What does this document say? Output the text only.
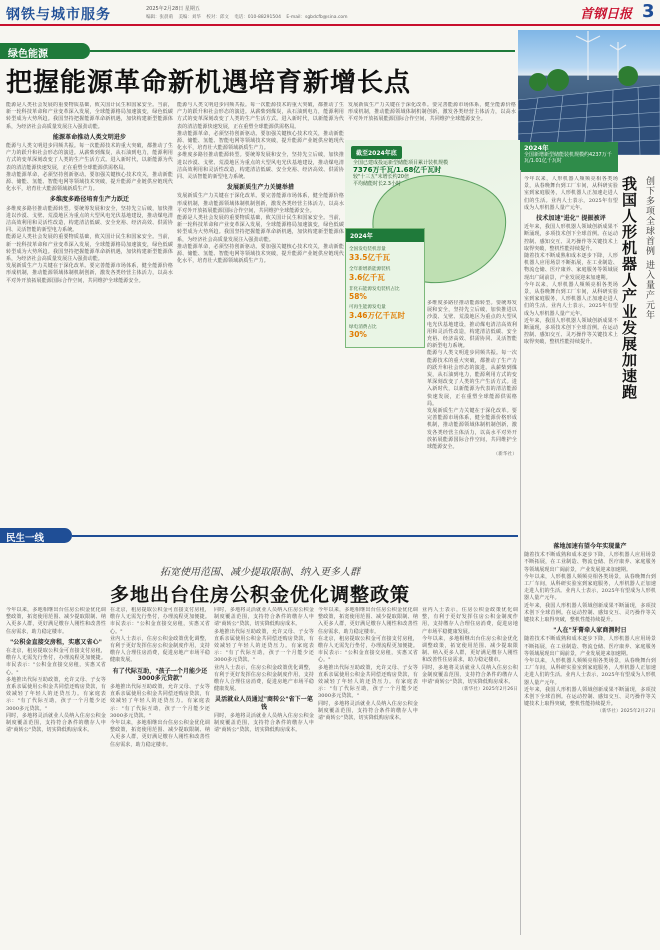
钢铁与城市服务	2025年2月28日 星期五
编辑：张晨萌 美编：刘华 校对：邱文 电话：010-88291504 E-mail：sgbdcfb@sina.com	首钢日报 3
绿色能源
把握能源革命新机遇培育新增长点

能源是人类社会发展的重要物质基础，攸关国计民生和国家安全。当前，新一轮科技革命和产业变革深入发展，全球能源格局加速演变，绿色低碳转型成为大势所趋。我国坚持把握能源革命新机遇，加快构建新型能源体系，为经济社会高质量发展注入强劲动能。

能源革命推动人类文明进步

能源与人类文明进步同频共振。每一次能源技术的重大突破，都推动了生产力的跃升和社会形态的演进。从薪柴到煤炭，从石油到电力，能源利用方式的变革深刻改变了人类的生产生活方式。进入新时代，以新能源为代表的清洁能源快速发展，正在重塑全球能源供需格局。

推动能源革命，必须坚持创新驱动。要加强关键核心技术攻关，推动新能源、储能、氢能、智能电网等领域技术突破，提升能源产业链供应链现代化水平，培育壮大能源领域新质生产力。

多维度多路径培育生产力跃迁

多维度多路径推动能源转型。要统筹发展和安全，坚持先立后破，加快推进以沙漠、戈壁、荒漠地区为重点的大型风电光伏基地建设，推动煤电清洁高效利用和灵活性改造，构建清洁低碳、安全充裕、经济高效、供需协同、灵活智能的新型电力系统。

能源是人类社会发展的重要物质基础，攸关国计民生和国家安全。当前，新一轮科技革命和产业变革深入发展，全球能源格局加速演变，绿色低碳转型成为大势所趋。我国坚持把握能源革命新机遇，加快构建新型能源体系，为经济社会高质量发展注入强劲动能。

发展新质生产力关键在于深化改革。要完善能源市场体系，健全能源价格形成机制，推动能源领域体制机制创新，激发各类经营主体活力，以高水平对外开放拓展能源国际合作空间，共同维护全球能源安全。

能源与人类文明进步同频共振。每一次能源技术的重大突破，都推动了生产力的跃升和社会形态的演进。从薪柴到煤炭，从石油到电力，能源利用方式的变革深刻改变了人类的生产生活方式。进入新时代，以新能源为代表的清洁能源快速发展，正在重塑全球能源供需格局。

推动能源革命，必须坚持创新驱动。要加强关键核心技术攻关，推动新能源、储能、氢能、智能电网等领域技术突破，提升能源产业链供应链现代化水平，培育壮大能源领域新质生产力。

多维度多路径推动能源转型。要统筹发展和安全，坚持先立后破，加快推进以沙漠、戈壁、荒漠地区为重点的大型风电光伏基地建设，推动煤电清洁高效利用和灵活性改造，构建清洁低碳、安全充裕、经济高效、供需协同、灵活智能的新型电力系统。

发展新质生产力关键举措

发展新质生产力关键在于深化改革。要完善能源市场体系，健全能源价格形成机制，推动能源领域体制机制创新，激发各类经营主体活力，以高水平对外开放拓展能源国际合作空间，共同维护全球能源安全。

能源是人类社会发展的重要物质基础，攸关国计民生和国家安全。当前，新一轮科技革命和产业变革深入发展，全球能源格局加速演变，绿色低碳转型成为大势所趋。我国坚持把握能源革命新机遇，加快构建新型能源体系，为经济社会高质量发展注入强劲动能。

推动能源革命，必须坚持创新驱动。要加强关键核心技术攻关，推动新能源、储能、氢能、智能电网等领域技术突破，提升能源产业链供应链现代化水平，培育壮大能源领域新质生产力。

发展新质生产力关键在于深化改革。要完善能源市场体系，健全能源价格形成机制，推动能源领域体制机制创新，激发各类经营主体活力，以高水平对外开放拓展能源国际合作空间，共同维护全球能源安全。

多维度多路径推动能源转型。要统筹发展和安全，坚持先立后破，加快推进以沙漠、戈壁、荒漠地区为重点的大型风电光伏基地建设，推动煤电清洁高效利用和灵活性改造，构建清洁低碳、安全充裕、经济高效、供需协同、灵活智能的新型电力系统。

能源与人类文明进步同频共振。每一次能源技术的重大突破，都推动了生产力的跃升和社会形态的演进。从薪柴到煤炭，从石油到电力，能源利用方式的变革深刻改变了人类的生产生活方式。进入新时代，以新能源为代表的清洁能源快速发展，正在重塑全球能源供需格局。

发展新质生产力关键在于深化改革。要完善能源市场体系，健全能源价格形成机制，推动能源领域体制机制创新，激发各类经营主体活力，以高水平对外开放拓展能源国际合作空间，共同维护全球能源安全。

（新华社）
截至2024年底
全国已建成投运新型储能项目累计装机规模
7376万千瓦/1.68亿千瓦时
较"十三五"末增长约20倍
平均储能时长2.3小时
2024年
全国新增新型储能装机规模约4237万千瓦/1.01亿千瓦时
2024年
全国发电装机容量
33.5亿千瓦
全年新增新能源装机
3.6亿千瓦
非化石能源发电装机占比
58%
可再生能源发电量
3.46万亿千瓦时
绿电消费占比
30%	我国人形机器人产业发展加速跑 创下多项全球首例 进入量产元年

今年以来，人形机器人频频亮相各类场景，从春晚舞台到工厂车间，从科研实验室到家庭服务，人形机器人正加速走进人们的生活。业内人士表示，2025年有望成为人形机器人量产元年。

技术加速"进化" 提振被评

近年来，我国人形机器人领域创新成果不断涌现，多项技术创下全球首例。在运动控制、感知交互、灵巧操作等关键技术上取得突破，整机性能持续提升。

随着技术不断成熟和成本逐步下降，人形机器人应用场景不断拓展，在工业制造、物流仓储、医疗康养、家庭服务等领域展现出广阔前景，产业发展迎来加速期。

今年以来，人形机器人频频亮相各类场景，从春晚舞台到工厂车间，从科研实验室到家庭服务，人形机器人正加速走进人们的生活。业内人士表示，2025年有望成为人形机器人量产元年。

近年来，我国人形机器人领域创新成果不断涌现，多项技术创下全球首例。在运动控制、感知交互、灵巧操作等关键技术上取得突破，整机性能持续提升。

落地加速有望今年实现量产

随着技术不断成熟和成本逐步下降，人形机器人应用场景不断拓展，在工业制造、物流仓储、医疗康养、家庭服务等领域展现出广阔前景，产业发展迎来加速期。

今年以来，人形机器人频频亮相各类场景，从春晚舞台到工厂车间，从科研实验室到家庭服务，人形机器人正加速走进人们的生活。业内人士表示，2025年有望成为人形机器人量产元年。

近年来，我国人形机器人领域创新成果不断涌现，多项技术创下全球首例。在运动控制、感知交互、灵巧操作等关键技术上取得突破，整机性能持续提升。

"人在"牙膏牵人家商测时日

随着技术不断成熟和成本逐步下降，人形机器人应用场景不断拓展，在工业制造、物流仓储、医疗康养、家庭服务等领域展现出广阔前景，产业发展迎来加速期。

今年以来，人形机器人频频亮相各类场景，从春晚舞台到工厂车间，从科研实验室到家庭服务，人形机器人正加速走进人们的生活。业内人士表示，2025年有望成为人形机器人量产元年。

近年来，我国人形机器人领域创新成果不断涌现，多项技术创下全球首例。在运动控制、感知交互、灵巧操作等关键技术上取得突破，整机性能持续提升。

（新华社）2025年2月27日
民生一线
拓宽使用范围、减少提取限制、纳入更多人群
多地出台住房公积金优化调整政策

今年以来，多地相继出台住房公积金优化调整政策，拓宽使用范围、减少提取限制、纳入更多人群，更好满足缴存人刚性和改善性住房需求，助力稳定楼市。

"公积金直接交房租，实惠又省心"

在北京，租房提取公积金可直接支付房租，缴存人无需先行垫付，办理流程更加便捷。市民表示："公积金直接交房租，实惠又省心。"

多地推出代际互助政策，允许父母、子女等直系亲属使用公积金共同偿还购房贷款，有效减轻了年轻人的还贷压力。有家庭表示："有了代际互助，孩子一个月能少还3000多元贷款。"

同时，多地将灵活就业人员纳入住房公积金制度覆盖范围，支持符合条件的缴存人申请"商转公"贷款，切实降低购房成本。

在北京，租房提取公积金可直接支付房租，缴存人无需先行垫付，办理流程更加便捷。市民表示："公积金直接交房租，实惠又省心。"

业内人士表示，住房公积金政策优化调整，有利于更好发挥住房公积金制度作用，支持缴存人合理住房消费，促进房地产市场平稳健康发展。

有了代际互助，"孩子一个月能少还3000多元贷款"

多地推出代际互助政策，允许父母、子女等直系亲属使用公积金共同偿还购房贷款，有效减轻了年轻人的还贷压力。有家庭表示："有了代际互助，孩子一个月能少还3000多元贷款。"

今年以来，多地相继出台住房公积金优化调整政策，拓宽使用范围、减少提取限制、纳入更多人群，更好满足缴存人刚性和改善性住房需求，助力稳定楼市。

同时，多地将灵活就业人员纳入住房公积金制度覆盖范围，支持符合条件的缴存人申请"商转公"贷款，切实降低购房成本。

多地推出代际互助政策，允许父母、子女等直系亲属使用公积金共同偿还购房贷款，有效减轻了年轻人的还贷压力。有家庭表示："有了代际互助，孩子一个月能少还3000多元贷款。"

业内人士表示，住房公积金政策优化调整，有利于更好发挥住房公积金制度作用，支持缴存人合理住房消费，促进房地产市场平稳健康发展。

灵活就业人员通过"商转公"省下一笔钱

同时，多地将灵活就业人员纳入住房公积金制度覆盖范围，支持符合条件的缴存人申请"商转公"贷款，切实降低购房成本。

今年以来，多地相继出台住房公积金优化调整政策，拓宽使用范围、减少提取限制、纳入更多人群，更好满足缴存人刚性和改善性住房需求，助力稳定楼市。

在北京，租房提取公积金可直接支付房租，缴存人无需先行垫付，办理流程更加便捷。市民表示："公积金直接交房租，实惠又省心。"

多地推出代际互助政策，允许父母、子女等直系亲属使用公积金共同偿还购房贷款，有效减轻了年轻人的还贷压力。有家庭表示："有了代际互助，孩子一个月能少还3000多元贷款。"

同时，多地将灵活就业人员纳入住房公积金制度覆盖范围，支持符合条件的缴存人申请"商转公"贷款，切实降低购房成本。

业内人士表示，住房公积金政策优化调整，有利于更好发挥住房公积金制度作用，支持缴存人合理住房消费，促进房地产市场平稳健康发展。

今年以来，多地相继出台住房公积金优化调整政策，拓宽使用范围、减少提取限制、纳入更多人群，更好满足缴存人刚性和改善性住房需求，助力稳定楼市。

同时，多地将灵活就业人员纳入住房公积金制度覆盖范围，支持符合条件的缴存人申请"商转公"贷款，切实降低购房成本。

（新华社）2025年2月26日
